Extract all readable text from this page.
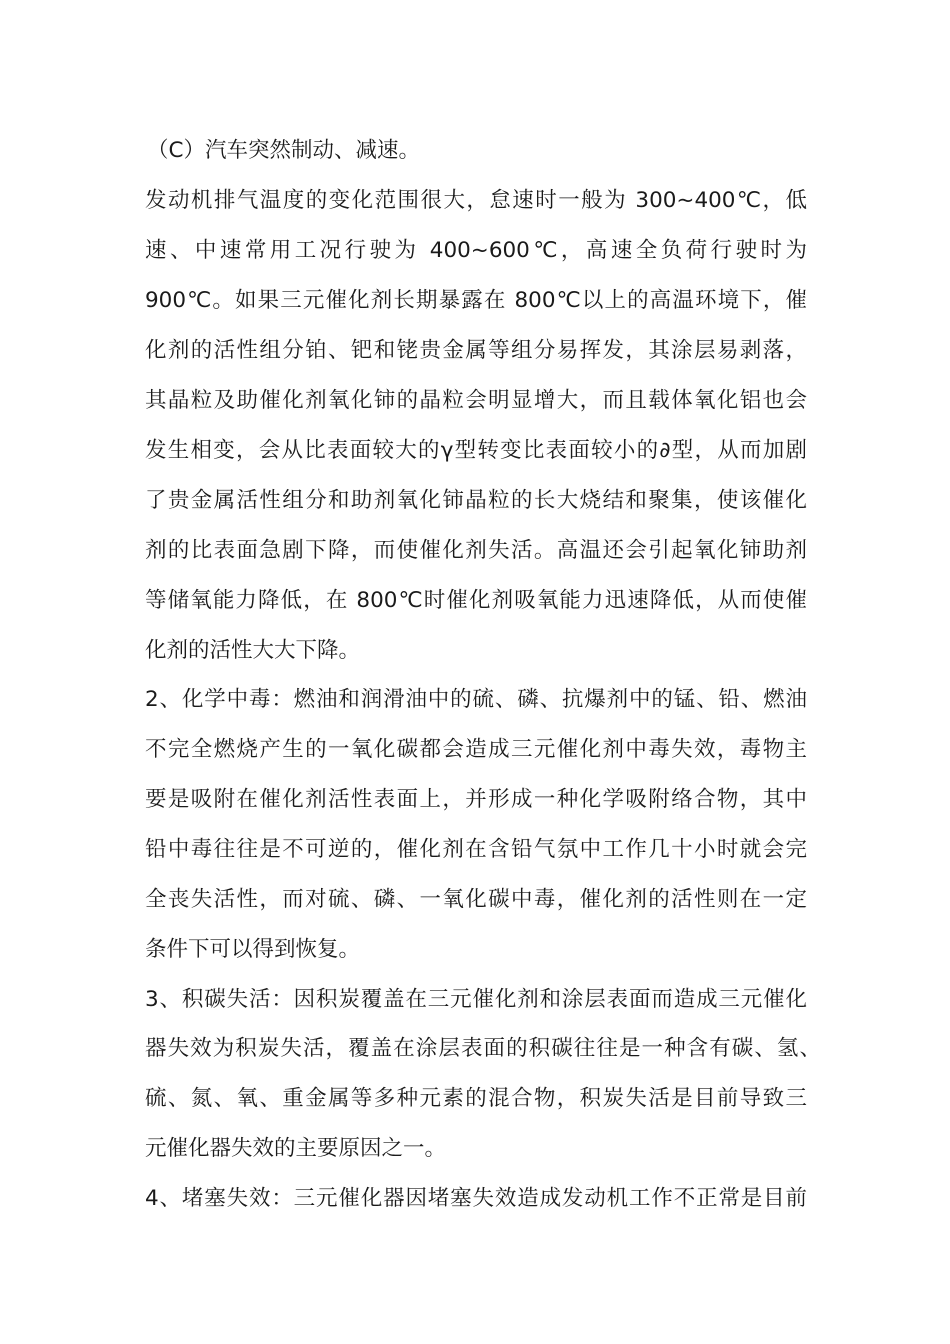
（C）汽车突然制动、减速。
发动机排气温度的变化范围很大，怠速时一般为 300~400℃，低
速、中速常用工况行驶为 400~600℃，高速全负荷行驶时为
900℃。如果三元催化剂长期暴露在 800℃以上的高温环境下，催
化剂的活性组分铂、钯和铑贵金属等组分易挥发，其涂层易剥落，
其晶粒及助催化剂氧化铈的晶粒会明显增大，而且载体氧化铝也会
发生相变，会从比表面较大的γ型转变比表面较小的∂型，从而加剧
了贵金属活性组分和助剂氧化铈晶粒的长大烧结和聚集，使该催化
剂的比表面急剧下降，而使催化剂失活。高温还会引起氧化铈助剂
等储氧能力降低，在 800℃时催化剂吸氧能力迅速降低，从而使催
化剂的活性大大下降。
2、化学中毒：燃油和润滑油中的硫、磷、抗爆剂中的锰、铅、燃油
不完全燃烧产生的一氧化碳都会造成三元催化剂中毒失效，毒物主
要是吸附在催化剂活性表面上，并形成一种化学吸附络合物，其中
铅中毒往往是不可逆的，催化剂在含铅气氛中工作几十小时就会完
全丧失活性，而对硫、磷、一氧化碳中毒，催化剂的活性则在一定
条件下可以得到恢复。
3、积碳失活：因积炭覆盖在三元催化剂和涂层表面而造成三元催化
器失效为积炭失活，覆盖在涂层表面的积碳往往是一种含有碳、氢、
硫、氮、氧、重金属等多种元素的混合物，积炭失活是目前导致三
元催化器失效的主要原因之一。
4、堵塞失效：三元催化器因堵塞失效造成发动机工作不正常是目前
